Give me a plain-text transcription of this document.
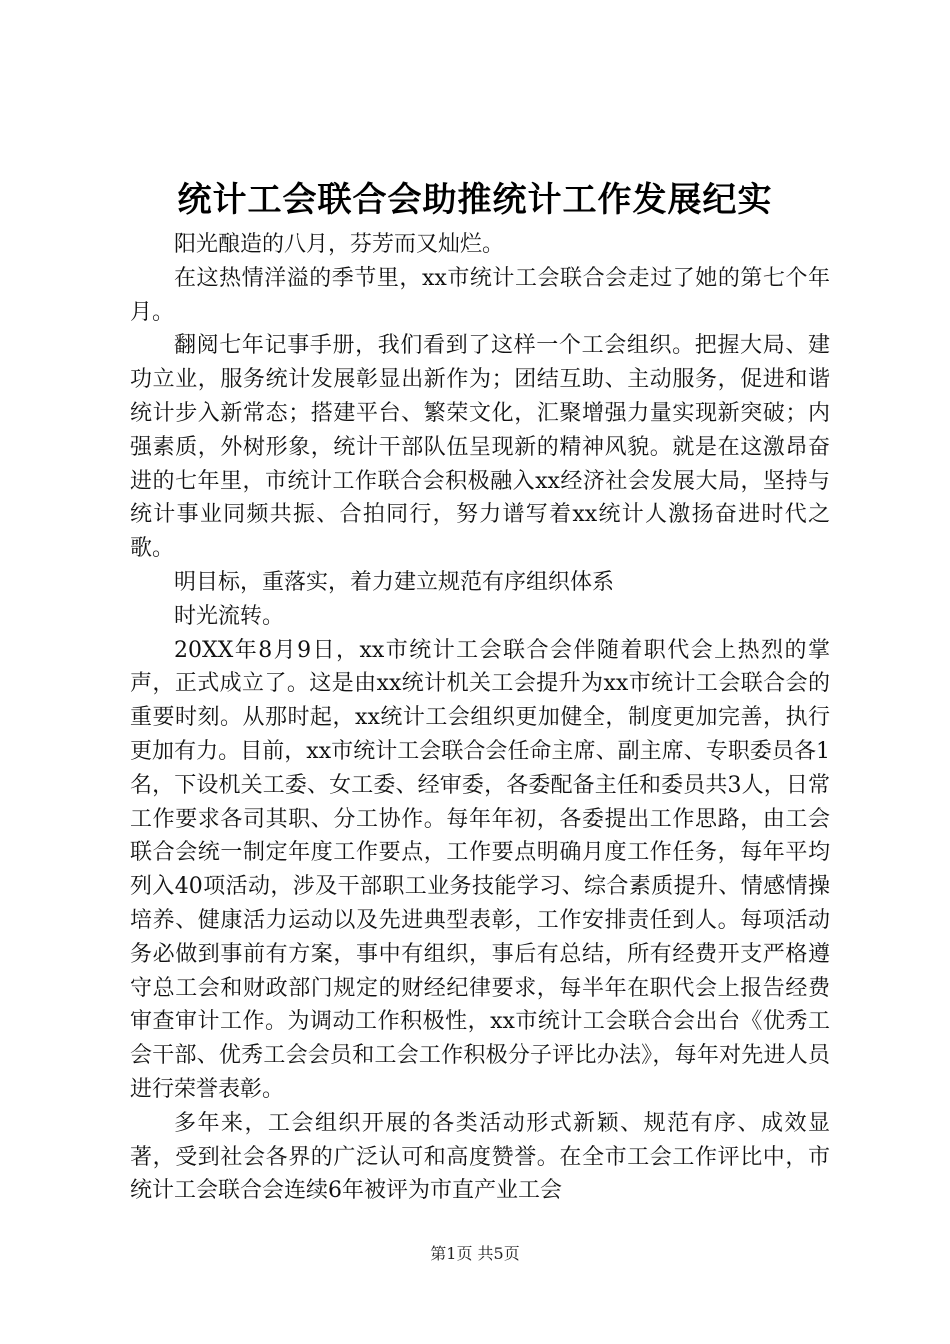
统计工会联合会助推统计工作发展纪实

阳光酿造的八月，芬芳而又灿烂。

在这热情洋溢的季节里，xx市统计工会联合会走过了她的第七个年月。

翻阅七年记事手册，我们看到了这样一个工会组织。把握大局、建功立业，服务统计发展彰显出新作为；团结互助、主动服务，促进和谐统计步入新常态；搭建平台、繁荣文化，汇聚增强力量实现新突破；内强素质，外树形象，统计干部队伍呈现新的精神风貌。就是在这激昂奋进的七年里，市统计工作联合会积极融入xx经济社会发展大局，坚持与统计事业同频共振、合拍同行，努力谱写着xx统计人激扬奋进时代之歌。

明目标，重落实，着力建立规范有序组织体系

时光流转。

20XX年8月9日，xx市统计工会联合会伴随着职代会上热烈的掌声，正式成立了。这是由xx统计机关工会提升为xx市统计工会联合会的重要时刻。从那时起，xx统计工会组织更加健全，制度更加完善，执行更加有力。目前，xx市统计工会联合会任命主席、副主席、专职委员各1名，下设机关工委、女工委、经审委，各委配备主任和委员共3人，日常工作要求各司其职、分工协作。每年年初，各委提出工作思路，由工会联合会统一制定年度工作要点，工作要点明确月度工作任务，每年平均列入40项活动，涉及干部职工业务技能学习、综合素质提升、情感情操培养、健康活力运动以及先进典型表彰，工作安排责任到人。每项活动务必做到事前有方案，事中有组织，事后有总结，所有经费开支严格遵守总工会和财政部门规定的财经纪律要求，每半年在职代会上报告经费审查审计工作。为调动工作积极性，xx市统计工会联合会出台《优秀工会干部、优秀工会会员和工会工作积极分子评比办法》，每年对先进人员进行荣誉表彰。

多年来，工会组织开展的各类活动形式新颖、规范有序、成效显著，受到社会各界的广泛认可和高度赞誉。在全市工会工作评比中，市统计工会联合会连续6年被评为市直产业工会

第1页 共5页
